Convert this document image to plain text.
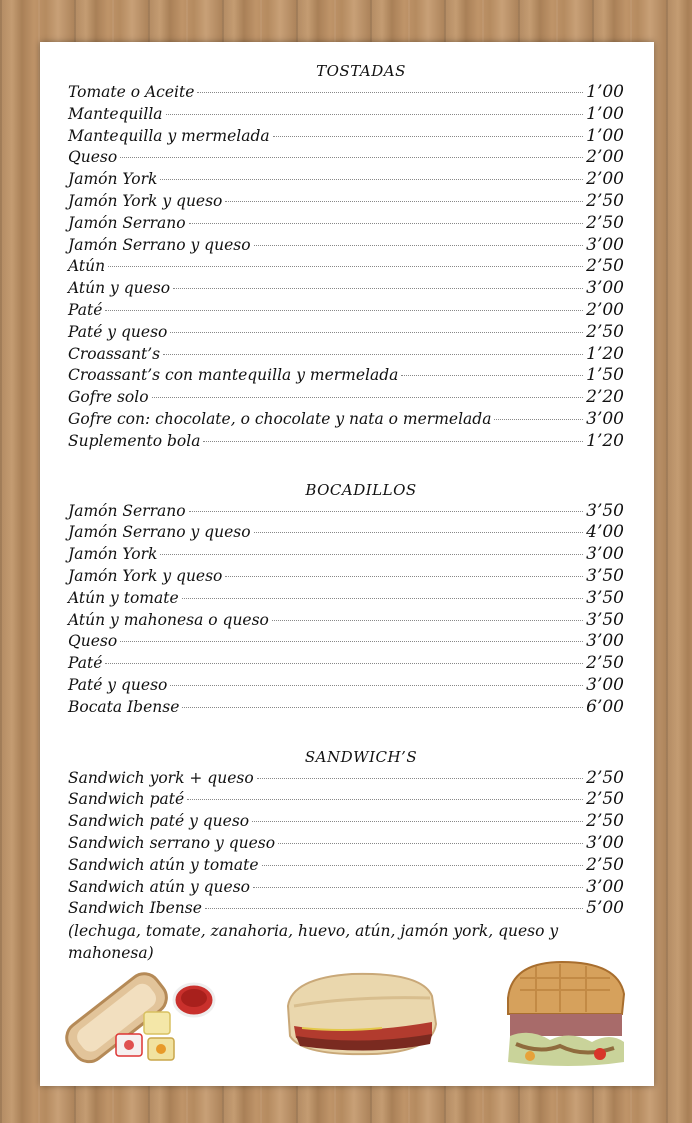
TOSTADAS
Tomate o Aceite	1’00
Mantequilla	1’00
Mantequilla y mermelada	1’00
Queso	2’00
Jamón York	2’00
Jamón York y queso	2’50
Jamón Serrano	2’50
Jamón Serrano y queso	3’00
Atún	2’50
Atún y queso	3’00
Paté	2’00
Paté y queso	2’50
Croassant’s	1’20
Croassant’s con mantequilla y mermelada	1’50
Gofre solo	2’20
Gofre con: chocolate, o chocolate y nata o mermelada	3’00
Suplemento bola	1’20
BOCADILLOS
Jamón Serrano	3’50
Jamón Serrano y queso	4’00
Jamón York	3’00
Jamón York y queso	3’50
Atún y tomate	3’50
Atún y mahonesa o queso	3’50
Queso	3’00
Paté	2’50
Paté y queso	3’00
Bocata Ibense	6’00
SANDWICH’S
Sandwich york + queso	2’50
Sandwich paté	2’50
Sandwich paté y queso	2’50
Sandwich serrano y queso	3’00
Sandwich atún y tomate	2’50
Sandwich atún y queso	3’00
Sandwich Ibense	5’00
(lechuga, tomate, zanahoria, huevo, atún, jamón york, queso y mahonesa)
